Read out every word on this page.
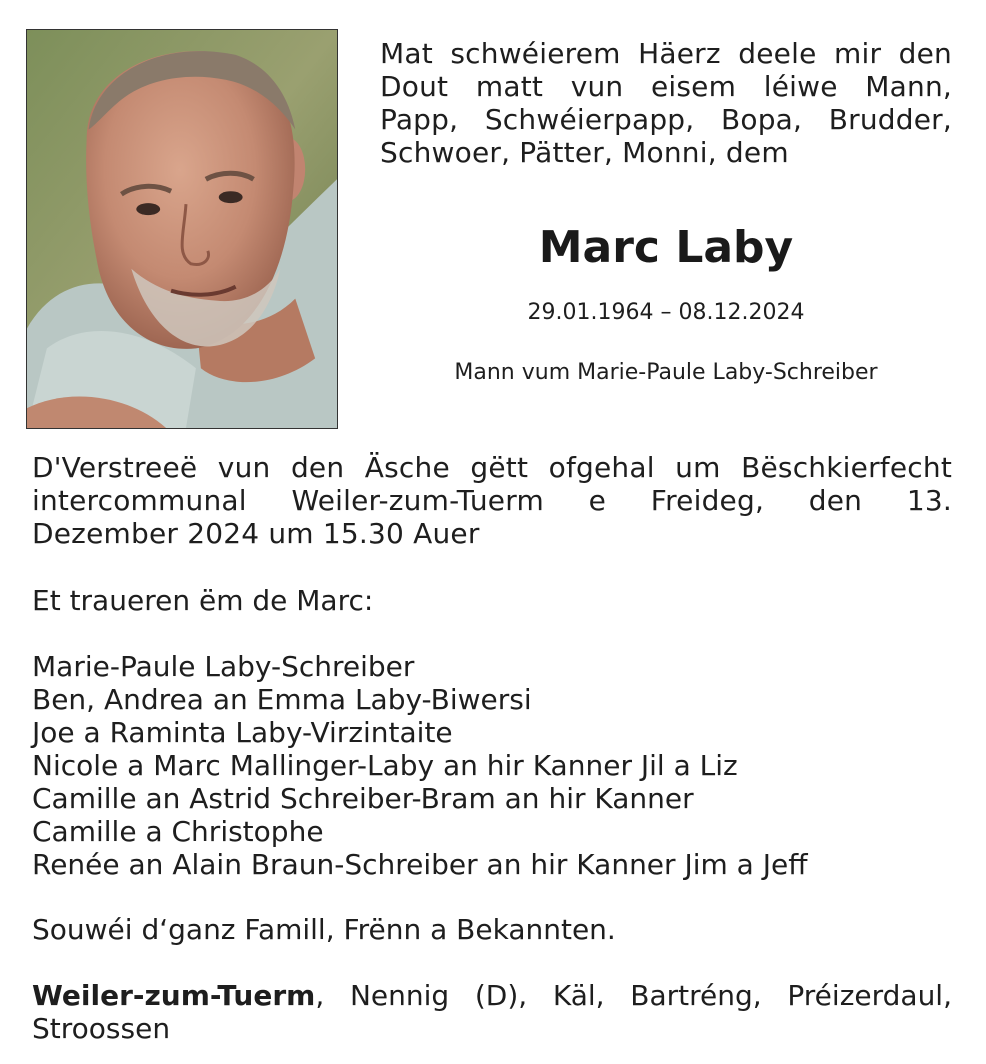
Mat schwéierem Häerz deele mir den
Dout matt vun eisem léiwe Mann,
Papp, Schwéierpapp, Bopa, Brudder,
Schwoer, Pätter, Monni, dem
Marc Laby
29.01.1964 – 08.12.2024
Mann vum Marie-Paule Laby-Schreiber
D'Verstreeë vun den Äsche gëtt ofgehal um Bëschkierfecht
intercommunal Weiler-zum-Tuerm e Freideg, den 13.
Dezember 2024 um 15.30 Auer
Et traueren ëm de Marc:
Marie-Paule Laby-Schreiber
Ben, Andrea an Emma Laby-Biwersi
Joe a Raminta Laby-Virzintaite
Nicole a Marc Mallinger-Laby an hir Kanner Jil a Liz
Camille an Astrid Schreiber-Bram an hir Kanner
Camille a Christophe
Renée an Alain Braun-Schreiber an hir Kanner Jim a Jeff
Souwéi d‘ganz Famill, Frënn a Bekannten.
Weiler-zum-Tuerm, Nennig (D), Käl, Bartréng, Préizerdaul,
Stroossen
